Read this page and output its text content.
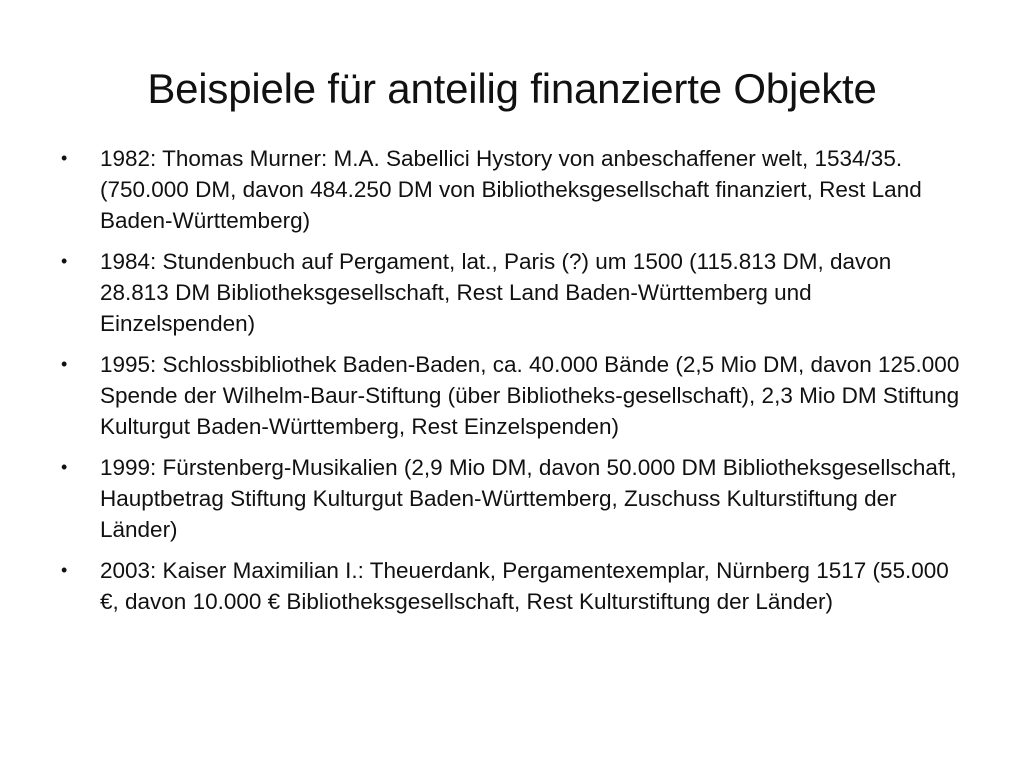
Beispiele für anteilig finanzierte Objekte
• 1982: Thomas Murner: M.A. Sabellici Hystory von anbeschaffener welt, 1534/35. (750.000 DM, davon 484.250 DM von Bibliotheksgesellschaft finanziert, Rest Land Baden-Württemberg)
• 1984: Stundenbuch auf Pergament, lat., Paris (?) um 1500 (115.813 DM, davon 28.813 DM Bibliotheksgesellschaft, Rest Land Baden-Württemberg und Einzelspenden)
• 1995: Schlossbibliothek Baden-Baden, ca. 40.000 Bände (2,5 Mio DM, davon 125.000 Spende der Wilhelm-Baur-Stiftung (über Bibliotheks-gesellschaft), 2,3 Mio DM Stiftung Kulturgut Baden-Württemberg, Rest Einzelspenden)
• 1999: Fürstenberg-Musikalien (2,9 Mio DM, davon 50.000 DM Bibliotheksgesellschaft, Hauptbetrag Stiftung Kulturgut Baden-Württemberg, Zuschuss Kulturstiftung der Länder)
• 2003: Kaiser Maximilian I.: Theuerdank, Pergamentexemplar, Nürnberg 1517 (55.000 €, davon 10.000 € Bibliotheksgesellschaft, Rest Kulturstiftung der Länder)
